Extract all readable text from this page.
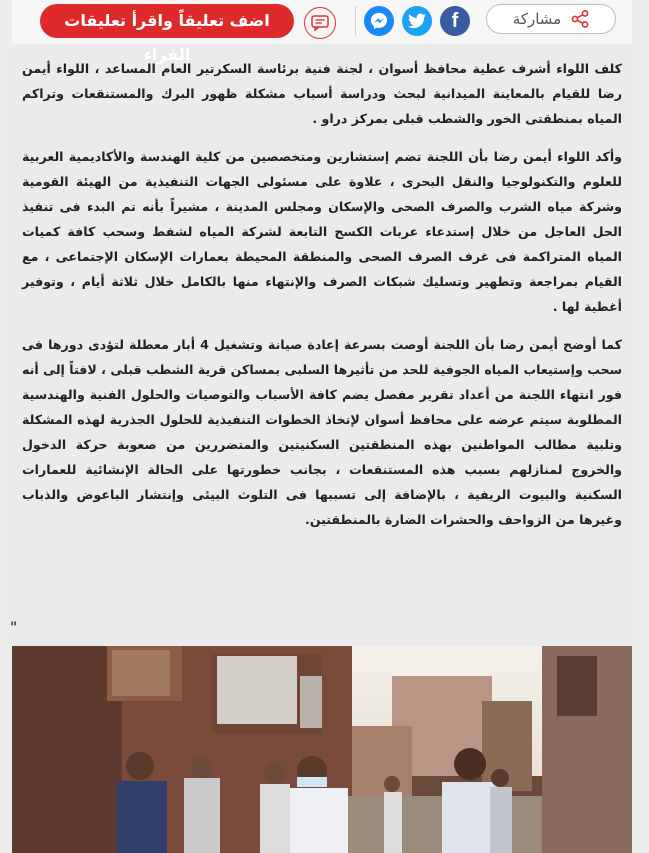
مشاركة
f
اضف تعليقاً واقرأ تعليقات القراء

كلف اللواء أشرف عطية محافظ أسوان ، لجنة فنية برئاسة السكرتير العام المساعد ، اللواء أيمن رضا للقيام بالمعاينة الميدانية لبحث ودراسة أسباب مشكلة ظهور البرك والمستنقعات وتراكم المياه بمنطقتى الخور والشطب قبلى بمركز دراو .

وأكد اللواء أيمن رضا بأن اللجنة تضم إستشارين ومتخصصين من كلية الهندسة والأكاديمية العربية للعلوم والتكنولوجيا والنقل البحرى ، علاوة على مسئولى الجهات التنفيذية من الهيئة القومية وشركة مياه الشرب والصرف الصحى والإسكان ومجلس المدينة ، مشيراً بأنه تم البدء فى تنفيذ الحل العاجل من خلال إستدعاء عربات الكسح التابعة لشركة المياه لشفط وسحب كافة كميات المياه المتراكمة فى غرف الصرف الصحى والمنطقة المحيطة بعمارات الإسكان الإجتماعى ، مع القيام بمراجعة وتطهير وتسليك شبكات الصرف والإنتهاء منها بالكامل خلال ثلاثة أيام ، وتوفير أغطية لها .

كما أوضح أيمن رضا بأن اللجنة أوصت بسرعة إعادة صيانة وتشغيل 4 أبار معطلة لتؤدى دورها فى سحب وإستيعاب المياه الجوفية للحد من تأثيرها السلبى بمساكن قرية الشطب قبلى ، لافتاً إلى أنه فور انتهاء اللجنة من أعداد تقرير مفصل يضم كافة الأسباب والتوصيات والحلول الفنية والهندسية المطلوبة سيتم عرضه على محافظ أسوان لإتخاذ الخطوات التنفيذية للحلول الجذرية لهذه المشكلة وتلبية مطالب المواطنين بهذه المنطقتين السكنيتين والمتضررين من صعوبة حركة الدخول والخروج لمنازلهم بسبب هذه المستنقعات ، بجانب خطورتها على الحالة الإنشائية للعمارات السكنية والبيوت الريفية ، بالإضافة إلى تسببها فى التلوث البيئى وإنتشار الباعوض والذباب وغيرها من الزواحف والحشرات الضارة بالمنطقتين.

"
